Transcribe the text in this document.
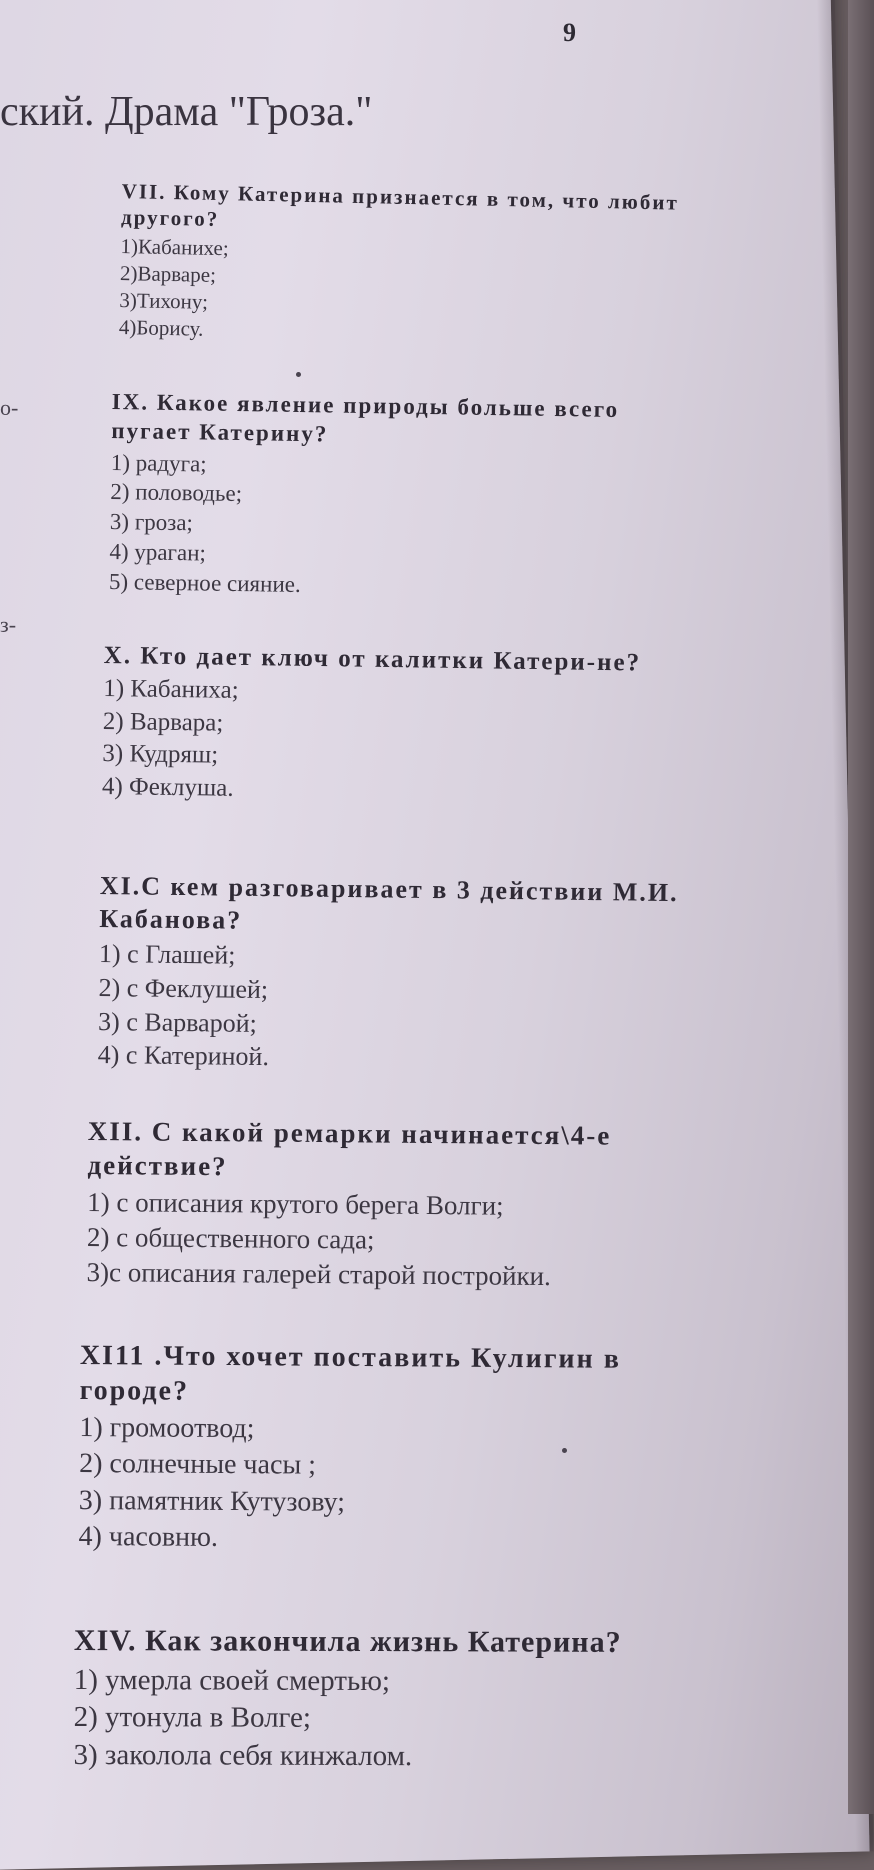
9
ский. Драма "Гроза."
о-
з-

VII. Кому Катерина признается в том, что любит другого?

1)Кабанихе;
2)Варваре;
3)Тихону;
4)Борису.

IX. Какое явление природы больше всего пугает Катерину?

1) радуга;
2) половодье;
3) гроза;
4) ураган;
5) северное сияние.

X. Кто дает ключ от калитки Катери-не?

1) Кабаниха;
2) Варвара;
3) Кудряш;
4) Феклуша.

XI.С кем разговаривает в 3 действии М.И. Кабанова?

1) с Глашей;
2) с Феклушей;
3) с Варварой;
4) с Катериной.

XII. С какой ремарки начинается\4-е действие?

1) с описания крутого берега Волги;
2) с общественного сада;
3)с описания галерей старой постройки.

XI11 .Что хочет поставить Кулигин в городе?

1) громоотвод;
2) солнечные часы ;
3) памятник Кутузову;
4) часовню.

XIV. Как закончила жизнь Катерина?

1) умерла своей смертью;
2) утонула в Волге;
3) заколола себя кинжалом.
